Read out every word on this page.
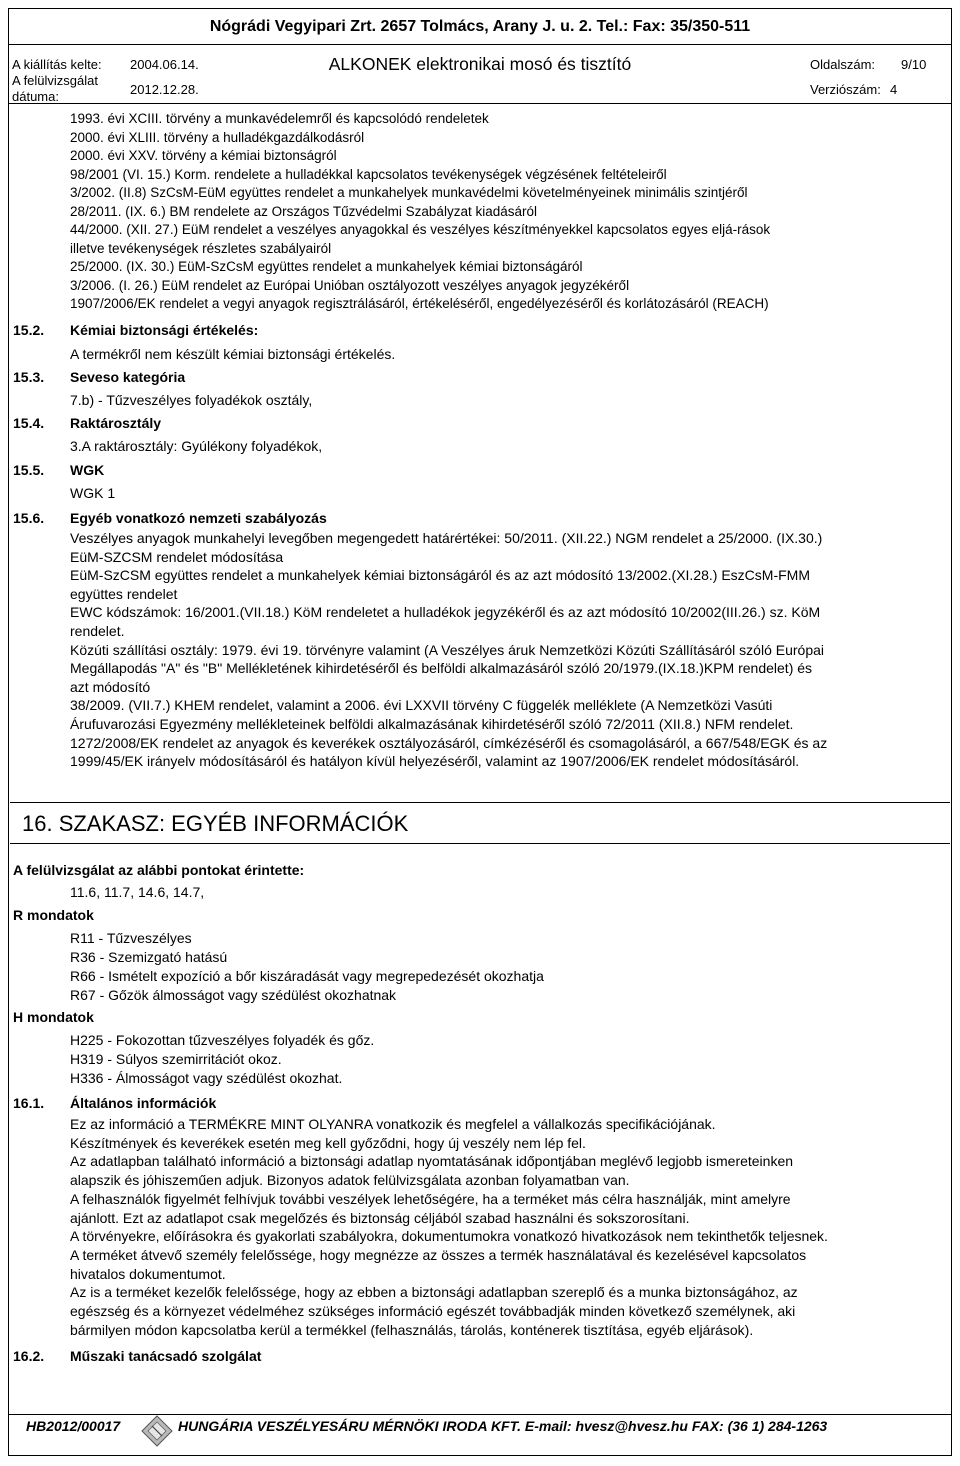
Nógrádi Vegyipari Zrt. 2657 Tolmács, Arany J. u. 2. Tel.: Fax: 35/350-511
A kiállítás kelte: 2004.06.14.
A felülvizsgálat
dátuma:	2012.12.28.
ALKONEK elektronikai mosó és tisztító	Oldalszám: 9/10
Verziószám: 4
1993. évi XCIII. törvény a munkavédelemről és kapcsolódó rendeletek
2000. évi XLIII. törvény a hulladékgazdálkodásról
2000. évi XXV. törvény a kémiai biztonságról
98/2001 (VI. 15.) Korm. rendelete a hulladékkal kapcsolatos tevékenységek végzésének feltételeiről
3/2002. (II.8) SzCsM-EüM együttes rendelet a munkahelyek munkavédelmi követelményeinek minimális szintjéről
28/2011. (IX. 6.) BM rendelete az Országos Tűzvédelmi Szabályzat kiadásáról
44/2000. (XII. 27.) EüM rendelet a veszélyes anyagokkal és veszélyes készítményekkel kapcsolatos egyes eljá-rások
illetve tevékenységek részletes szabályairól
25/2000. (IX. 30.) EüM-SzCsM együttes rendelet a munkahelyek kémiai biztonságáról
3/2006. (I. 26.) EüM rendelet az Európai Unióban osztályozott veszélyes anyagok jegyzékéről
1907/2006/EK rendelet a vegyi anyagok regisztrálásáról, értékeléséről, engedélyezéséről és korlátozásáról (REACH)
15.2. Kémiai biztonsági értékelés:
A termékről nem készült kémiai biztonsági értékelés.
15.3. Seveso kategória
7.b) - Tűzveszélyes folyadékok osztály,
15.4. Raktárosztály
3.A raktárosztály: Gyúlékony folyadékok,
15.5. WGK
WGK 1
15.6. Egyéb vonatkozó nemzeti szabályozás
Veszélyes anyagok munkahelyi levegőben megengedett határértékei: 50/2011. (XII.22.) NGM rendelet a 25/2000. (IX.30.)
EüM-SZCSM rendelet módosítása
EüM-SzCSM együttes rendelet a munkahelyek kémiai biztonságáról és az azt módosító 13/2002.(XI.28.) EszCsM-FMM
együttes rendelet
EWC kódszámok: 16/2001.(VII.18.) KöM rendeletet a hulladékok jegyzékéről és az azt módosító 10/2002(III.26.) sz. KöM
rendelet.
Közúti szállítási osztály: 1979. évi 19. törvényre valamint (A Veszélyes áruk Nemzetközi Közúti Szállításáról szóló Európai
Megállapodás "A" és "B" Mellékletének kihirdetéséről és belföldi alkalmazásáról szóló 20/1979.(IX.18.)KPM rendelet) és
azt módosító
38/2009. (VII.7.) KHEM rendelet, valamint a 2006. évi LXXVII törvény C függelék melléklete (A Nemzetközi Vasúti
Árufuvarozási Egyezmény mellékleteinek belföldi alkalmazásának kihirdetéséről szóló 72/2011 (XII.8.) NFM rendelet.
1272/2008/EK rendelet az anyagok és keverékek osztályozásáról, címkézéséről és csomagolásáról, a 667/548/EGK és az
1999/45/EK irányelv módosításáról és hatályon kívül helyezéséről, valamint az 1907/2006/EK rendelet módosításáról.
16. SZAKASZ: EGYÉB INFORMÁCIÓK
A felülvizsgálat az alábbi pontokat érintette:
11.6, 11.7, 14.6, 14.7,
R mondatok
R11 - Tűzveszélyes
R36 - Szemizgató hatású
R66 - Ismételt expozíció a bőr kiszáradását vagy megrepedezését okozhatja
R67 - Gőzök álmosságot vagy szédülést okozhatnak
H mondatok
H225 - Fokozottan tűzveszélyes folyadék és gőz.
H319 - Súlyos szemirritációt okoz.
H336 - Álmosságot vagy szédülést okozhat.
16.1. Általános információk
Ez az információ a TERMÉKRE MINT OLYANRA vonatkozik és megfelel a vállalkozás specifikációjának.
Készítmények és keverékek esetén meg kell győződni, hogy új veszély nem lép fel.
Az adatlapban található információ a biztonsági adatlap nyomtatásának időpontjában meglévő legjobb ismereteinken
alapszik és jóhiszeműen adjuk. Bizonyos adatok felülvizsgálata azonban folyamatban van.
A felhasználók figyelmét felhívjuk további veszélyek lehetőségére, ha a terméket más célra használják, mint amelyre
ajánlott. Ezt az adatlapot csak megelőzés és biztonság céljából szabad használni és sokszorosítani.
A törvényekre, előírásokra és gyakorlati szabályokra, dokumentumokra vonatkozó hivatkozások nem tekinthetők teljesnek.
A terméket átvevő személy felelőssége, hogy megnézze az összes a termék használatával és kezelésével kapcsolatos
hivatalos dokumentumot.
Az is a terméket kezelők felelőssége, hogy az ebben a biztonsági adatlapban szereplő és a munka biztonságához, az
egészség és a környezet védelméhez szükséges információ egészét továbbadják minden következő személynek, aki
bármilyen módon kapcsolatba kerül a termékkel (felhasználás, tárolás, konténerek tisztítása, egyéb eljárások).
16.2. Műszaki tanácsadó szolgálat
HB2012/00017	HUNGÁRIA VESZÉLYESÁRU MÉRNÖKI IRODA KFT. E-mail: hvesz@hvesz.hu FAX: (36 1) 284-1263
